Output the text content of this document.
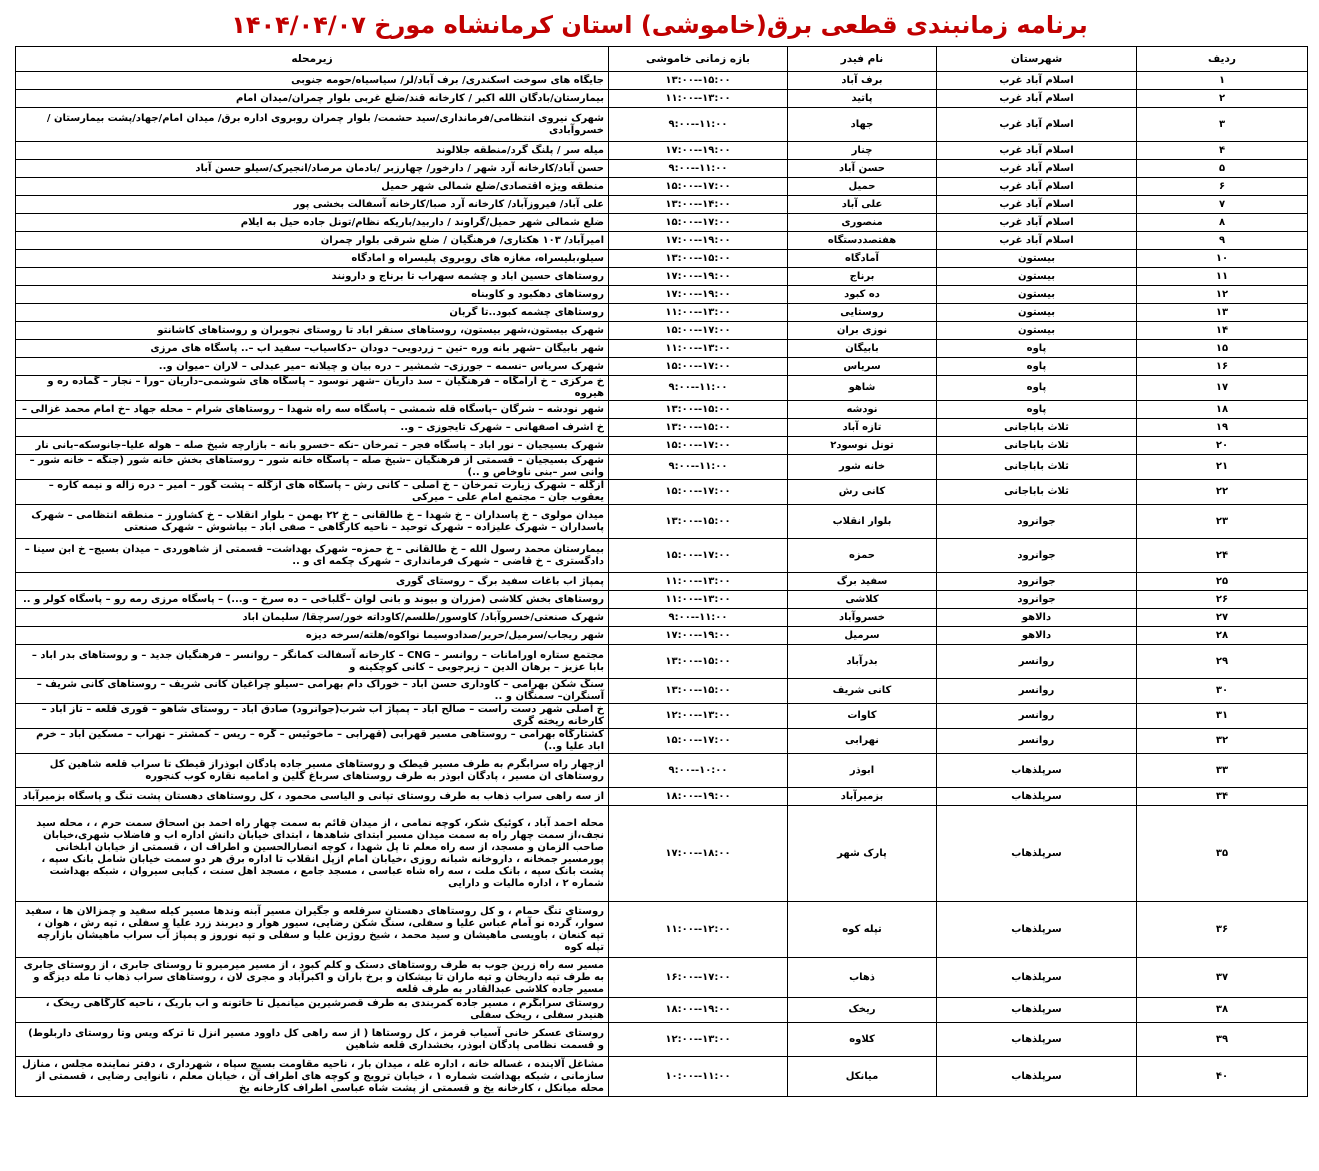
برنامه زمانبندی قطعی برق(خاموشی) استان کرمانشاه مورخ ۱۴۰۴/۰۴/۰۷
ردیف	شهرستان	نام فیدر	بازه زمانی خاموشی	زیرمحله
۱	اسلام آباد غرب	برف آباد	۱۳:۰۰--۱۵:۰۰	جایگاه های سوخت اسکندری/ برف آباد/لر/ سیاسیاه/حومه جنوبی
۲	اسلام آباد غرب	پاتید	۱۱:۰۰--۱۳:۰۰	بیمارستان/بادگان الله اکبر / کارخانه قند/ضلع غربی بلوار چمران/میدان امام
۳	اسلام آباد غرب	جهاد	۹:۰۰--۱۱:۰۰	شهرک نیروی انتظامی/فرمانداری/سید حشمت/ بلوار چمران روبروی اداره برق/ میدان امام/جهاد/پشت بیمارستان / خسروآبادی
۴	اسلام آباد غرب	چنار	۱۷:۰۰--۱۹:۰۰	میله سر / پلنگ گرد/منطقه جلالوند
۵	اسلام آباد غرب	حسن آباد	۹:۰۰--۱۱:۰۰	حسن آباد/کارخانه آرد شهر / دارخور/ چهارزبر /بادمان مرصاد/انجیرک/سیلو حسن آباد
۶	اسلام آباد غرب	حمیل	۱۵:۰۰--۱۷:۰۰	منطقه ویژه اقتصادی/ضلع شمالی شهر حمیل
۷	اسلام آباد غرب	علی آباد	۱۳:۰۰--۱۴:۰۰	علی آباد/ فیروزآباد/ کارخانه آرد صبا/کارخانه آسفالت بخشی پور
۸	اسلام آباد غرب	منصوری	۱۵:۰۰--۱۷:۰۰	ضلع شمالی شهر حمیل/گراوند / داربید/باریکه نظام/تونل جاده حیل به ایلام
۹	اسلام آباد غرب	هفتصددستگاه	۱۷:۰۰--۱۹:۰۰	امیرآباد/ ۱۰۳ هکتاری/ فرهنگیان / ضلع شرقی بلوار چمران
۱۰	بیستون	آمادگاه	۱۳:۰۰--۱۵:۰۰	سیلو،بلیسراه، مغازه های روبروی پلیسراه و امادگاه
۱۱	بیستون	برناج	۱۷:۰۰--۱۹:۰۰	روستاهای حسین اباد و چشمه سهراب تا برناج و دارونند
۱۲	بیستون	ده کبود	۱۷:۰۰--۱۹:۰۰	روستاهای دهکبود و کاوبناه
۱۳	بیستون	روستایی	۱۱:۰۰--۱۳:۰۰	روستاهای چشمه کبود..تا گربان
۱۴	بیستون	نوزی بران	۱۵:۰۰--۱۷:۰۰	شهرک بیستون،شهر بیستون، روستاهای سنقر اباد تا روستای نجوبران و روستاهای کاشانتو
۱۵	پاوه	بابیگان	۱۱:۰۰--۱۳:۰۰	شهر بابیگان –شهر بانه وره –تین – زردویی– دودان –دکاسیاب– سفید اب –.. پاسگاه های مرزی
۱۶	پاوه	سریاس	۱۵:۰۰--۱۷:۰۰	شهرک سریاس –نسمه – جورزی– شمشیر – دره بیان و چیلانه –میر عبدلی – لاران –میوان و..
۱۷	پاوه	شاهو	۹:۰۰--۱۱:۰۰	خ مرکزی – خ آرامگاه – فرهنگیان – سد داریان –شهر نوسود – پاسگاه های شوشمی–داریان –ورا – نجار – گماده ره و هیروه
۱۸	پاوه	نودشه	۱۳:۰۰--۱۵:۰۰	شهر نودشه – شرگان –پاسگاه قله شمشی – پاسگاه سه راه شهدا – روستاهای شرام – محله جهاد –خ امام محمد غزالی –
۱۹	ثلاث باباجانی	تازه آباد	۱۳:۰۰--۱۵:۰۰	خ اشرف اصفهانی – شهرک تایجوزی – و..
۲۰	ثلاث باباجانی	تونل نوسود۲	۱۵:۰۰--۱۷:۰۰	شهرک بسیجیان – نور اباد – پاسگاه فجر – تمرخان –نکه –خسرو بانه – بازارچه شیخ صله – هوله علیا–جانوسکه–بانی نار
۲۱	ثلاث باباجانی	خانه شور	۹:۰۰--۱۱:۰۰	شهرک بسیجیان – قسمتی از فرهنگیان –شیخ صله – پاسگاه خانه شور – روستاهای بخش خانه شور (جنگه – خانه شور –وانی سر –بنی ناوخاص و ..)
۲۲	ثلاث باباجانی	کانی رش	۱۵:۰۰--۱۷:۰۰	ازگله – شهرک زیارت تمرخان – خ اصلی – کانی رش – پاسگاه های ازگله – پشت گور – امیر – دره زاله و نیمه کاره – یعقوب جان – مجتمع امام علی – میرکی
۲۳	جوانرود	بلوار انقلاب	۱۳:۰۰--۱۵:۰۰	میدان مولوی – خ پاسداران – خ شهدا – خ طالقانی – خ ۲۲ بهمن – بلوار انقلاب – خ کشاورز – منطقه انتظامی – شهرک پاسداران – شهرک علیزاده – شهرک توحید – ناحیه کارگاهی – صفی اباد – بیاشوش – شهرک صنعتی
۲۴	جوانرود	حمزه	۱۵:۰۰--۱۷:۰۰	بیمارستان محمد رسول الله – خ طالقانی – خ حمزه– شهرک بهداشت– قسمتی از شاهوردی – میدان بسیج– خ ابن سینا – دادگستری – خ قاضی – شهرک فرمانداری – شهرک چکمه ای و ..
۲۵	جوانرود	سفید برگ	۱۱:۰۰--۱۳:۰۰	پمپاژ اب باغات سفید برگ – روستای گوری
۲۶	جوانرود	کلاشی	۱۱:۰۰--۱۳:۰۰	روستاهای بخش کلاشی (مزران و بیوند و بانی لوان –گلباخی – ده سرخ – و...) – پاسگاه مرزی رمه رو – پاسگاه کولر و ..
۲۷	دالاهو	خسروآباد	۹:۰۰--۱۱:۰۰	شهرک صنعتی/خسروآباد/ کاوسور/طلسم/کاوداته خور/سرچقا/ سلیمان اباد
۲۸	دالاهو	سرمیل	۱۷:۰۰--۱۹:۰۰	شهر ریجاب/سرمیل/حریر/صدادوسیما نواکوه/هلته/سرخه دیزه
۲۹	روانسر	بدرآباد	۱۳:۰۰--۱۵:۰۰	مجتمع ستاره اورامانات – روانسر – CNG – کارخانه آسفالت کمانگر – روانسر – فرهنگیان جدید – و روستاهای بدر اباد – بابا عزیز – برهان الدین – زیرجوبی – کانی کوچکینه و
۳۰	روانسر	کانی شریف	۱۳:۰۰--۱۵:۰۰	سنگ شکن بهرامی – کاوداری حسن اباد – خوراک دام بهرامی –سیلو چراغیان کانی شریف – روستاهای کانی شریف – آسنگران– سمنگان و ..
۳۱	روانسر	کاوات	۱۲:۰۰--۱۳:۰۰	خ اصلی شهر دست راست – صالح اباد – پمپاژ اب شرب(جوانرود) صادق اباد – روستای شاهو – قوری قلعه – تاز اباد – کارخانه ریخته گری
۳۲	روانسر	نهرابی	۱۵:۰۰--۱۷:۰۰	کشتارگاه بهرامی – روستاهی مسیر قهرابی (قهرابی – ماخوئیس – گره – ریس – کمشتر – نهراب – مسکین اباد – خرم اباد علیا و..)
۳۳	سرپلذهاب	ابوذر	۹:۰۰--۱۰:۰۰	ازچهار راه سرابگرم به طرف مسیر قیطک و روستاهای مسیر جاده پادگان ابوذراز قیطک تا سراب قلعه شاهین کل روستاهای ان مسیر ، پادگان ابوذر به طرف روستاهای سرباغ گلین و امامیه نقاره کوب کنجوره
۳۴	سرپلذهاب	بزمیرآباد	۱۸:۰۰--۱۹:۰۰	از سه راهی سراب ذهاب به طرف روستای تپانی و الیاسی محمود ، کل روستاهای دهستان پشت تنگ و پاسگاه بزمیرآباد
۳۵	سرپلذهاب	پارک شهر	۱۷:۰۰--۱۸:۰۰	محله احمد آباد ، کوئیک شکر، کوچه نمامی ، از میدان قائم به سمت چهار راه احمد بن اسحاق سمت حرم ، ، محله سید نجف،از سمت چهار راه به سمت میدان مسیر ابتدای شاهدها ، ابتدای خیابان دانش اداره اب و فاضلاب شهری،خیابان صاحب الزمان و مسجد، از سه راه معلم تا پل شهدا ، کوچه انصارالحسین و اطراف ان ، قسمتی از خیابان ابلخانی پورمسیر جمخانه ، داروخانه شبانه روزی ،خیابان امام ازپل انقلاب تا اداره برق هر دو سمت خیابان شامل بانک سپه ، پشت بانک سپه ، بانک ملت ، سه راه شاه عباسی ، مسجد جامع ، مسجد اهل سنت ، کبابی سیروان ، شبکه بهداشت شماره ۲ ، اداره مالیات و دارایی
۳۶	سرپلذهاب	تپله کوه	۱۱:۰۰--۱۲:۰۰	روستای تنگ حمام ، و کل روستاهای دهستان سرقلعه و جگیران مسیر آبنه وندها مسیر کیله سفید و چمزالان ها ، سفید سوار، گرده نو آمام عباس علیا و سفلی، سنگ شکن رضایی، سیور هوار و دیربند زرد علیا و سفلی ، تپه رش ، هوان ، تپه کنعان ، باویسی ماهیشان و سید محمد ، شیخ روژین علیا و سفلی و تپه نوروز و پمپاژ آب سراب ماهیشان بازارچه تپله کوه
۳۷	سرپلذهاب	ذهاب	۱۶:۰۰--۱۷:۰۰	مسیر سه راه زرین جوب به طرف روستاهای دستک و کلم کبود ، از مسیر میرمیرو تا روستای جابری ، از روستای جابری به طرف تپه داریخان و تپه ماران تا بیشکان و برخ باران و اکبرآباد و مجری لان ، روستاهای سراب ذهاب تا مله دیزگه و مسیر جاده کلاشی عبدالقادر به طرف قلعه
۳۸	سرپلذهاب	ریخک	۱۸:۰۰--۱۹:۰۰	روستای سرابگرم ، مسیر جاده کمربندی به طرف قصرشیرین میانمیل تا خاتونه و اب باریک ، ناحیه کارگاهی ریخک ، هنیدر سفلی ، ریخک سفلی
۳۹	سرپلذهاب	کلاوه	۱۲:۰۰--۱۳:۰۰	روستای عسکر خانی آسیاب قرمز ، کل روستاها ( از سه راهی کل داوود مسیر انزل تا ترکه ویس وتا روستای داربلوط) و قسمت نظامی پادگان ابوذر، بخشداری قلعه شاهین
۴۰	سرپلذهاب	میانکل	۱۰:۰۰--۱۱:۰۰	مشاغل آلاینده ، غساله خانه ، اداره غله ، میدان بار ، ناحیه مقاومت بسیج سپاه ، شهرداری ، دفتر نماینده مجلس ، منازل سازمانی ، شبکه بهداشت شماره ۱ ، خیابان ترویج و کوچه های اطراف آن ، خیابان معلم ، نانوایی رضایی ، قسمتی از محله میانکل ، کارخانه یخ و قسمتی از پشت شاه عباسی اطراف کارخانه یخ
